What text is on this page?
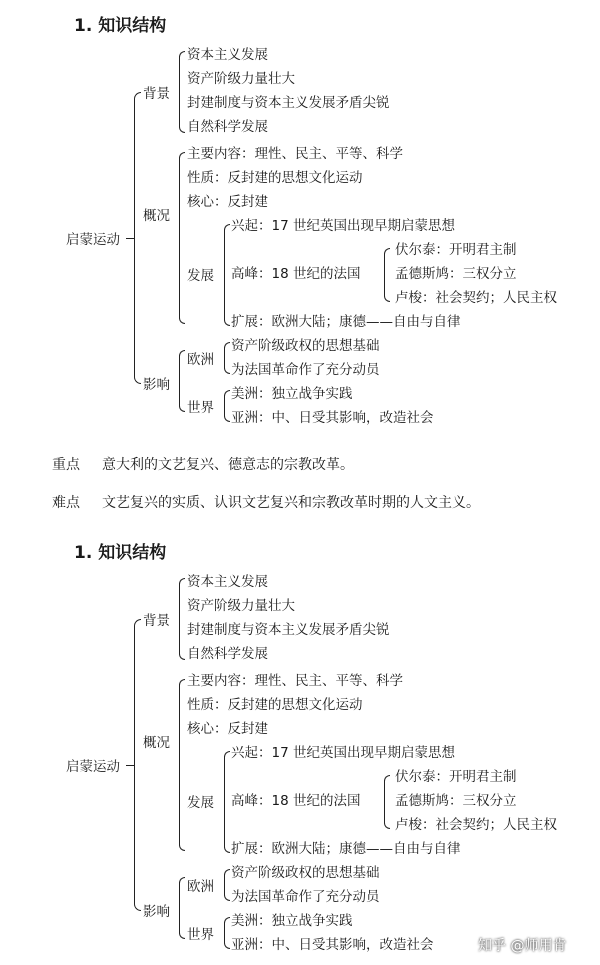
1. 知识结构
启蒙运动
背景
资本主义发展
资产阶级力量壮大
封建制度与资本主义发展矛盾尖锐
自然科学发展
概况
主要内容：理性、民主、平等、科学
性质：反封建的思想文化运动
核心：反封建
发展
兴起：17 世纪英国出现早期启蒙思想
高峰：18 世纪的法国
伏尔泰：开明君主制
孟德斯鸠：三权分立
卢梭：社会契约；人民主权
扩展：欧洲大陆；康德——自由与自律
影响
欧洲
资产阶级政权的思想基础
为法国革命作了充分动员
世界
美洲：独立战争实践
亚洲：中、日受其影响，改造社会
重点 意大利的文艺复兴、德意志的宗教改革。
难点 文艺复兴的实质、认识文艺复兴和宗教改革时期的人文主义。
1. 知识结构
启蒙运动
背景
资本主义发展
资产阶级力量壮大
封建制度与资本主义发展矛盾尖锐
自然科学发展
概况
主要内容：理性、民主、平等、科学
性质：反封建的思想文化运动
核心：反封建
发展
兴起：17 世纪英国出现早期启蒙思想
高峰：18 世纪的法国
伏尔泰：开明君主制
孟德斯鸠：三权分立
卢梭：社会契约；人民主权
扩展：欧洲大陆；康德——自由与自律
影响
欧洲
资产阶级政权的思想基础
为法国革命作了充分动员
世界
美洲：独立战争实践
亚洲：中、日受其影响，改造社会	知乎 @师用肯
